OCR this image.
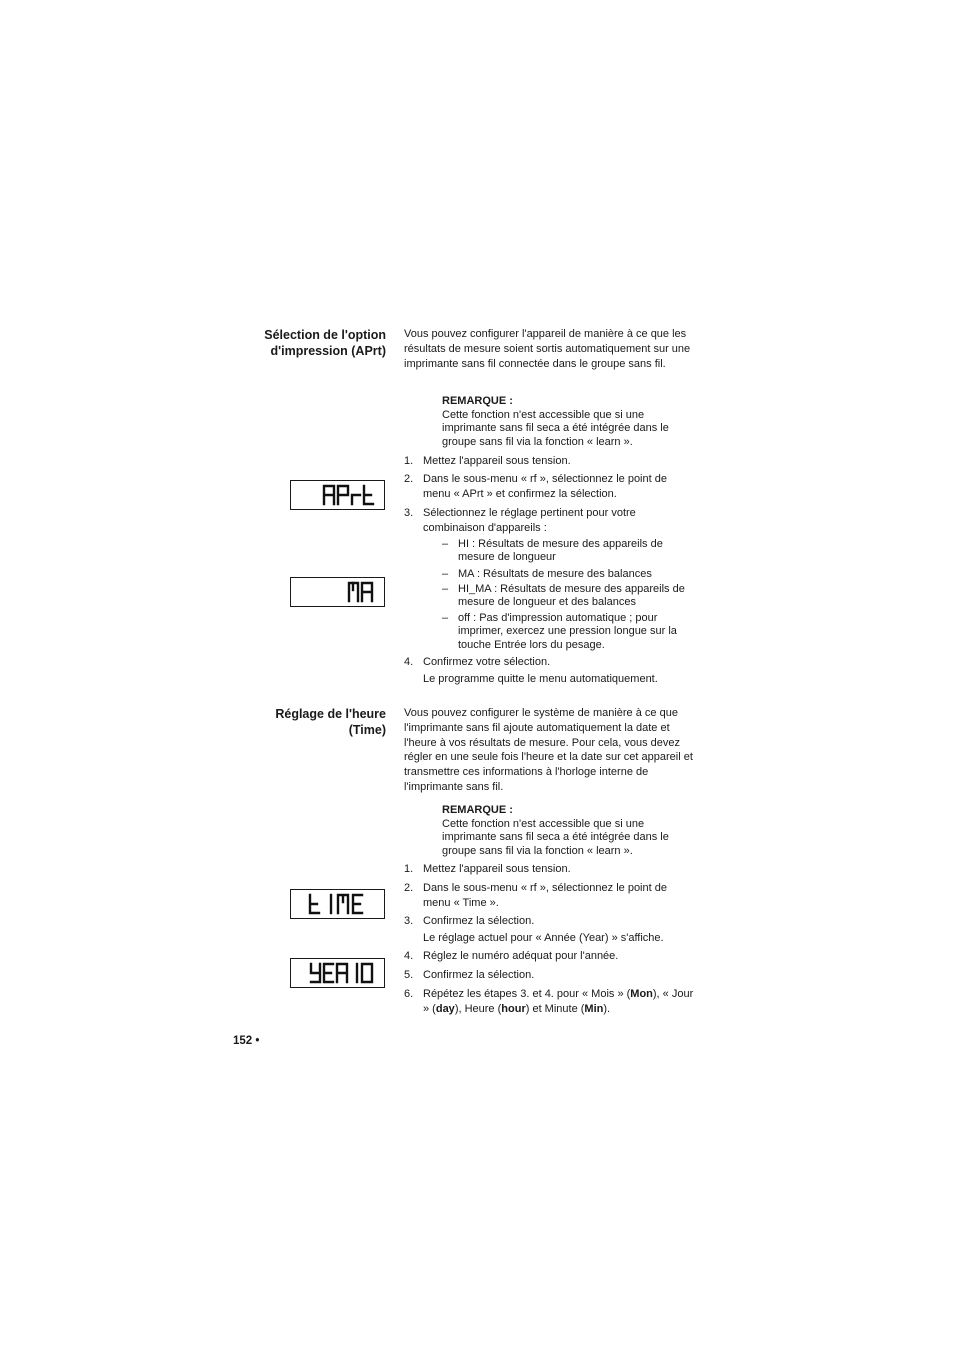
Sélection de l'option
d'impression (APrt)
Vous pouvez configurer l'appareil de manière à ce que les résultats de mesure soient sortis automatiquement sur une imprimante sans fil connectée dans le groupe sans fil.
REMARQUE :
Cette fonction n'est accessible que si une imprimante sans fil seca a été intégrée dans le groupe sans fil via la fonction « learn ».
1. Mettez l'appareil sous tension.
2. Dans le sous-menu « rf », sélectionnez le point de menu « APrt » et confirmez la sélection.
3. Sélectionnez le réglage pertinent pour votre combinaison d'appareils :
– HI : Résultats de mesure des appareils de mesure de longueur
– MA : Résultats de mesure des balances
– HI_MA : Résultats de mesure des appareils de mesure de longueur et des balances
– off : Pas d'impression automatique ; pour imprimer, exercez une pression longue sur la touche Entrée lors du pesage.
4. Confirmez votre sélection.
Le programme quitte le menu automatiquement.
Réglage de l'heure
(Time)
Vous pouvez configurer le système de manière à ce que l'imprimante sans fil ajoute automatiquement la date et l'heure à vos résultats de mesure. Pour cela, vous devez régler en une seule fois l'heure et la date sur cet appareil et transmettre ces informations à l'horloge interne de l'imprimante sans fil.
REMARQUE :
Cette fonction n'est accessible que si une imprimante sans fil seca a été intégrée dans le groupe sans fil via la fonction « learn ».
1. Mettez l'appareil sous tension.
2. Dans le sous-menu « rf », sélectionnez le point de menu « Time ».
3. Confirmez la sélection.
Le réglage actuel pour « Année (Year) » s'affiche.
4. Réglez le numéro adéquat pour l'année.
5. Confirmez la sélection.
6. Répétez les étapes 3. et 4. pour « Mois » (Mon), « Jour » (day), Heure (hour) et Minute (Min).
152 •
